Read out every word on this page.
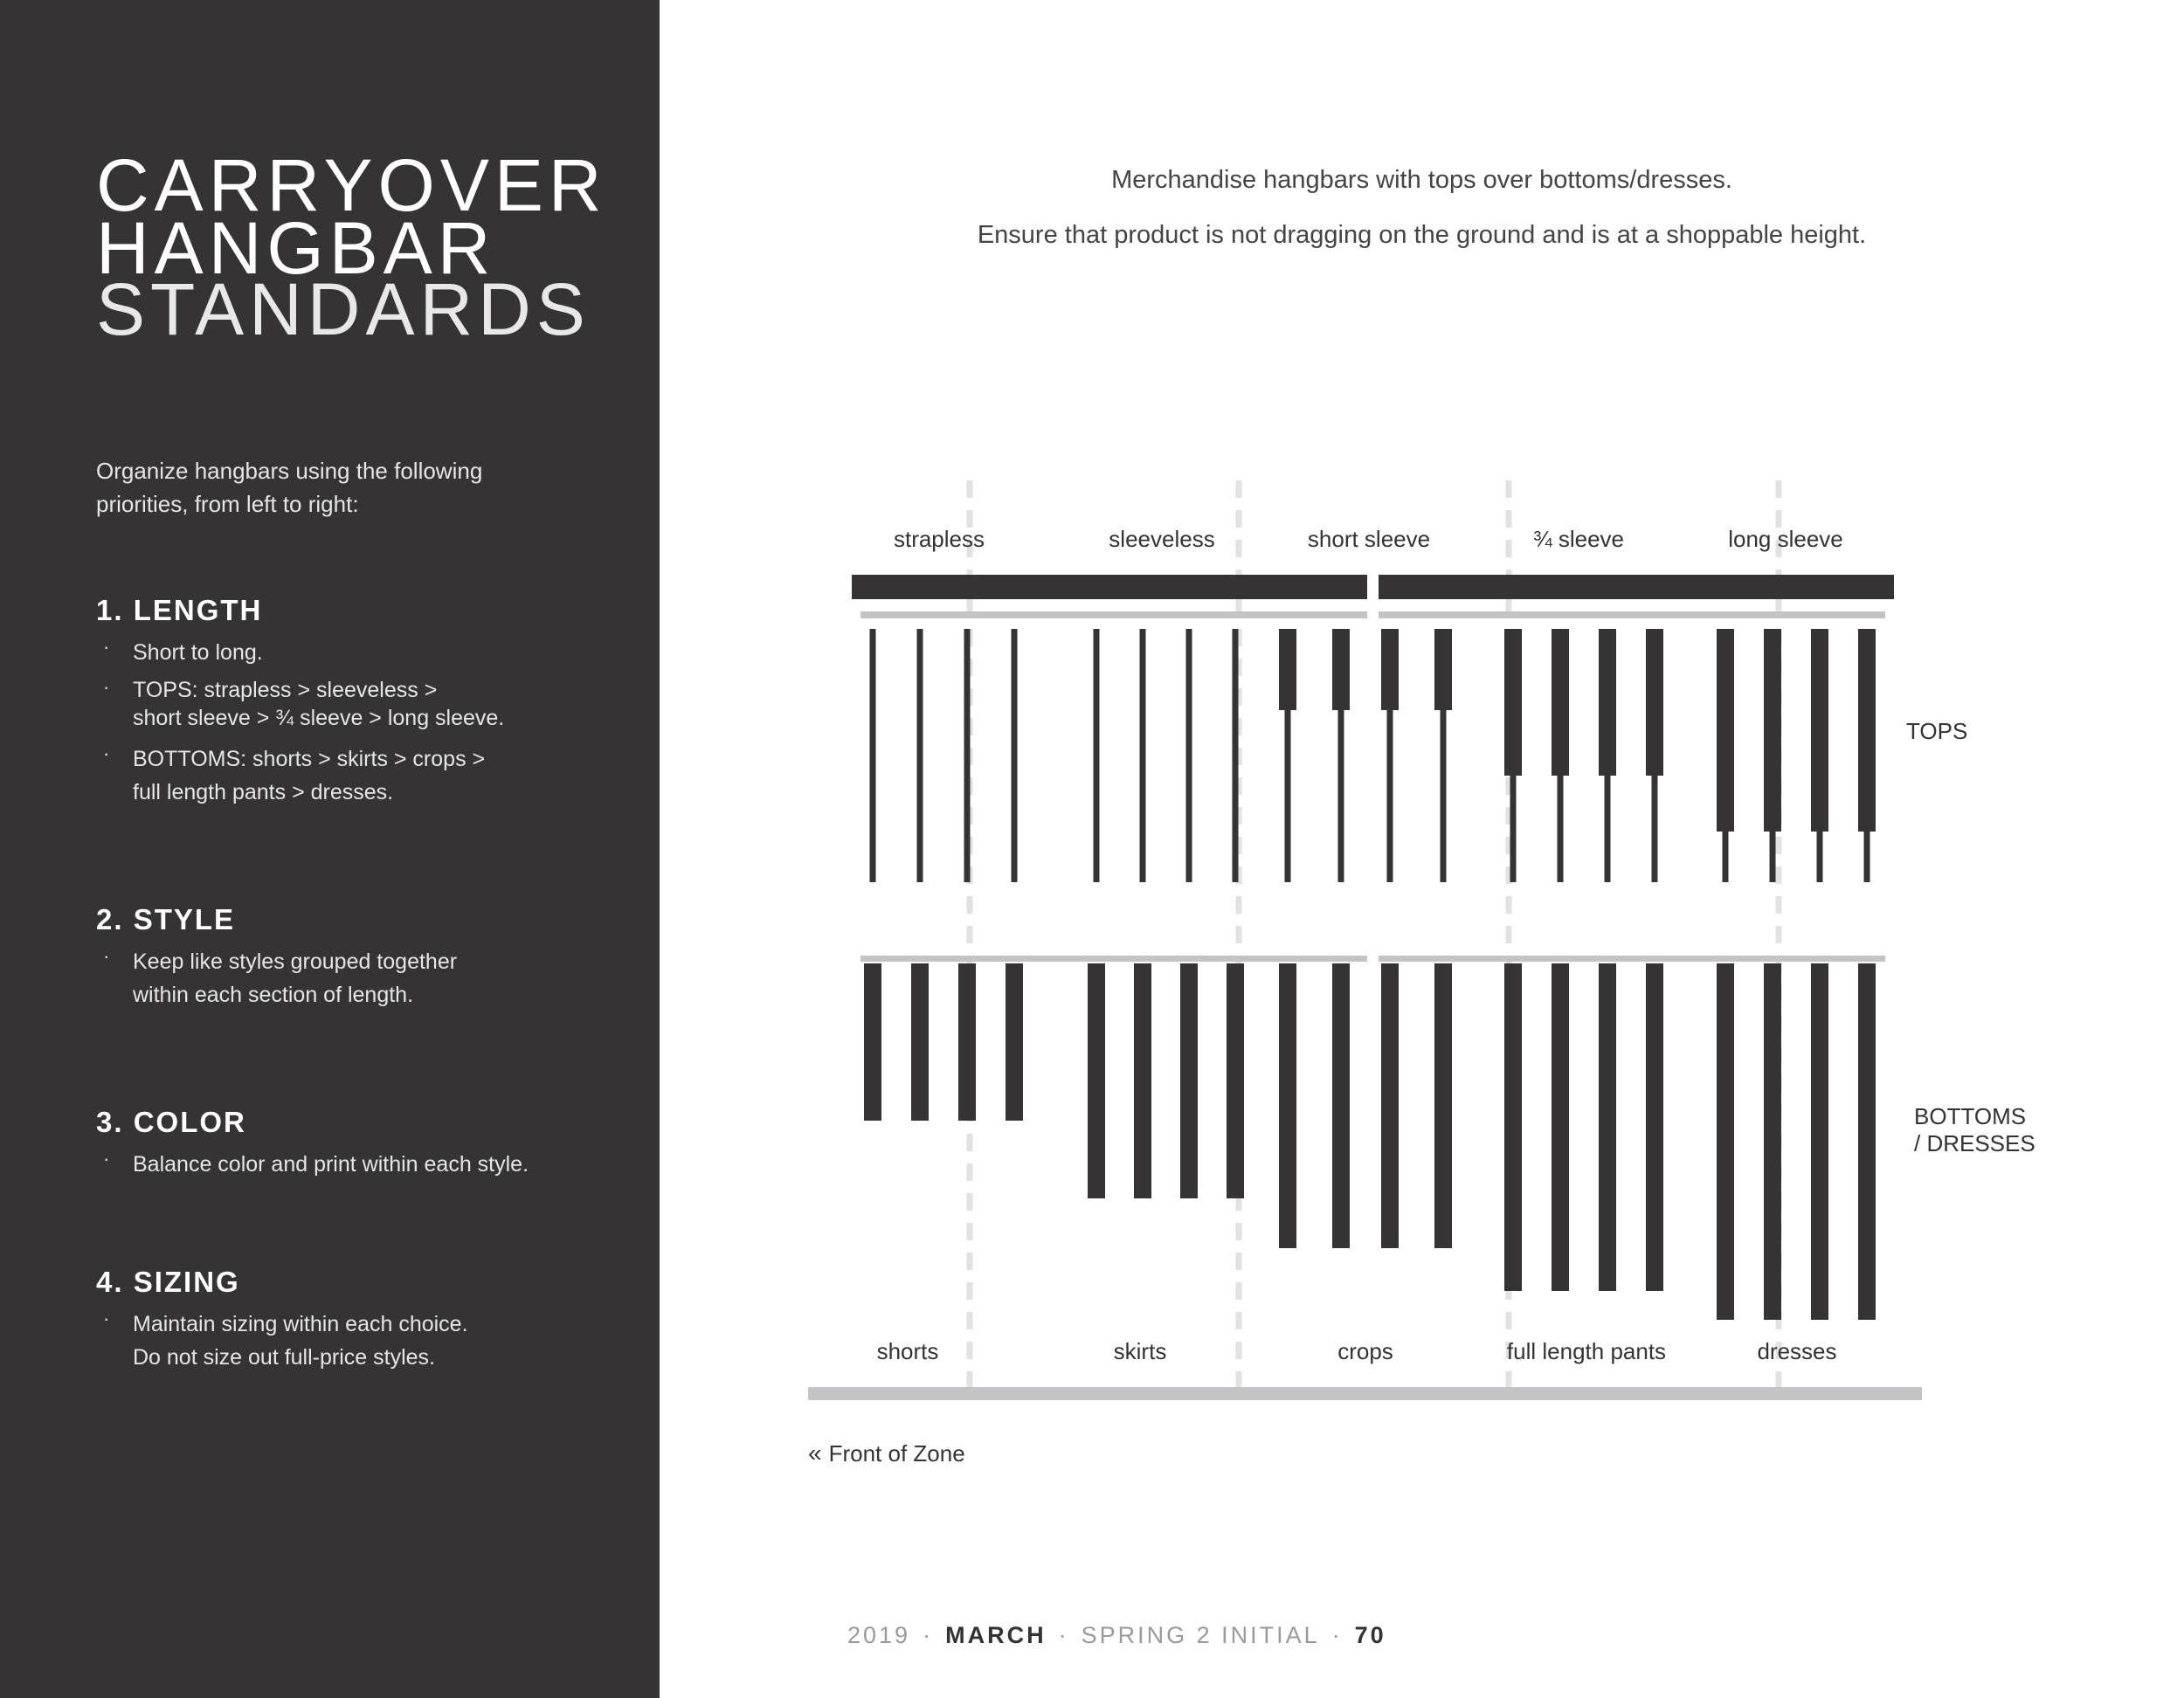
CARRYOVER
HANGBAR
STANDARDS
Organize hangbars using the following
priorities, from left to right:
1. LENGTH
· Short to long.
· TOPS: strapless > sleeveless >
short sleeve > ¾ sleeve > long sleeve.
· BOTTOMS: shorts > skirts > crops >
full length pants > dresses.
2. STYLE
· Keep like styles grouped together
within each section of length.
3. COLOR
· Balance color and print within each style.
4. SIZING
· Maintain sizing within each choice.
Do not size out full-price styles.
Merchandise hangbars with tops over bottoms/dresses.
Ensure that product is not dragging on the ground and is at a shoppable height.
strapless	sleeveless	short sleeve	¾ sleeve	long sleeve
shorts	skirts	crops	full length pants	dresses
TOPS
BOTTOMS
/ DRESSES
« Front of Zone
2019 · MARCH · SPRING 2 INITIAL · 70
